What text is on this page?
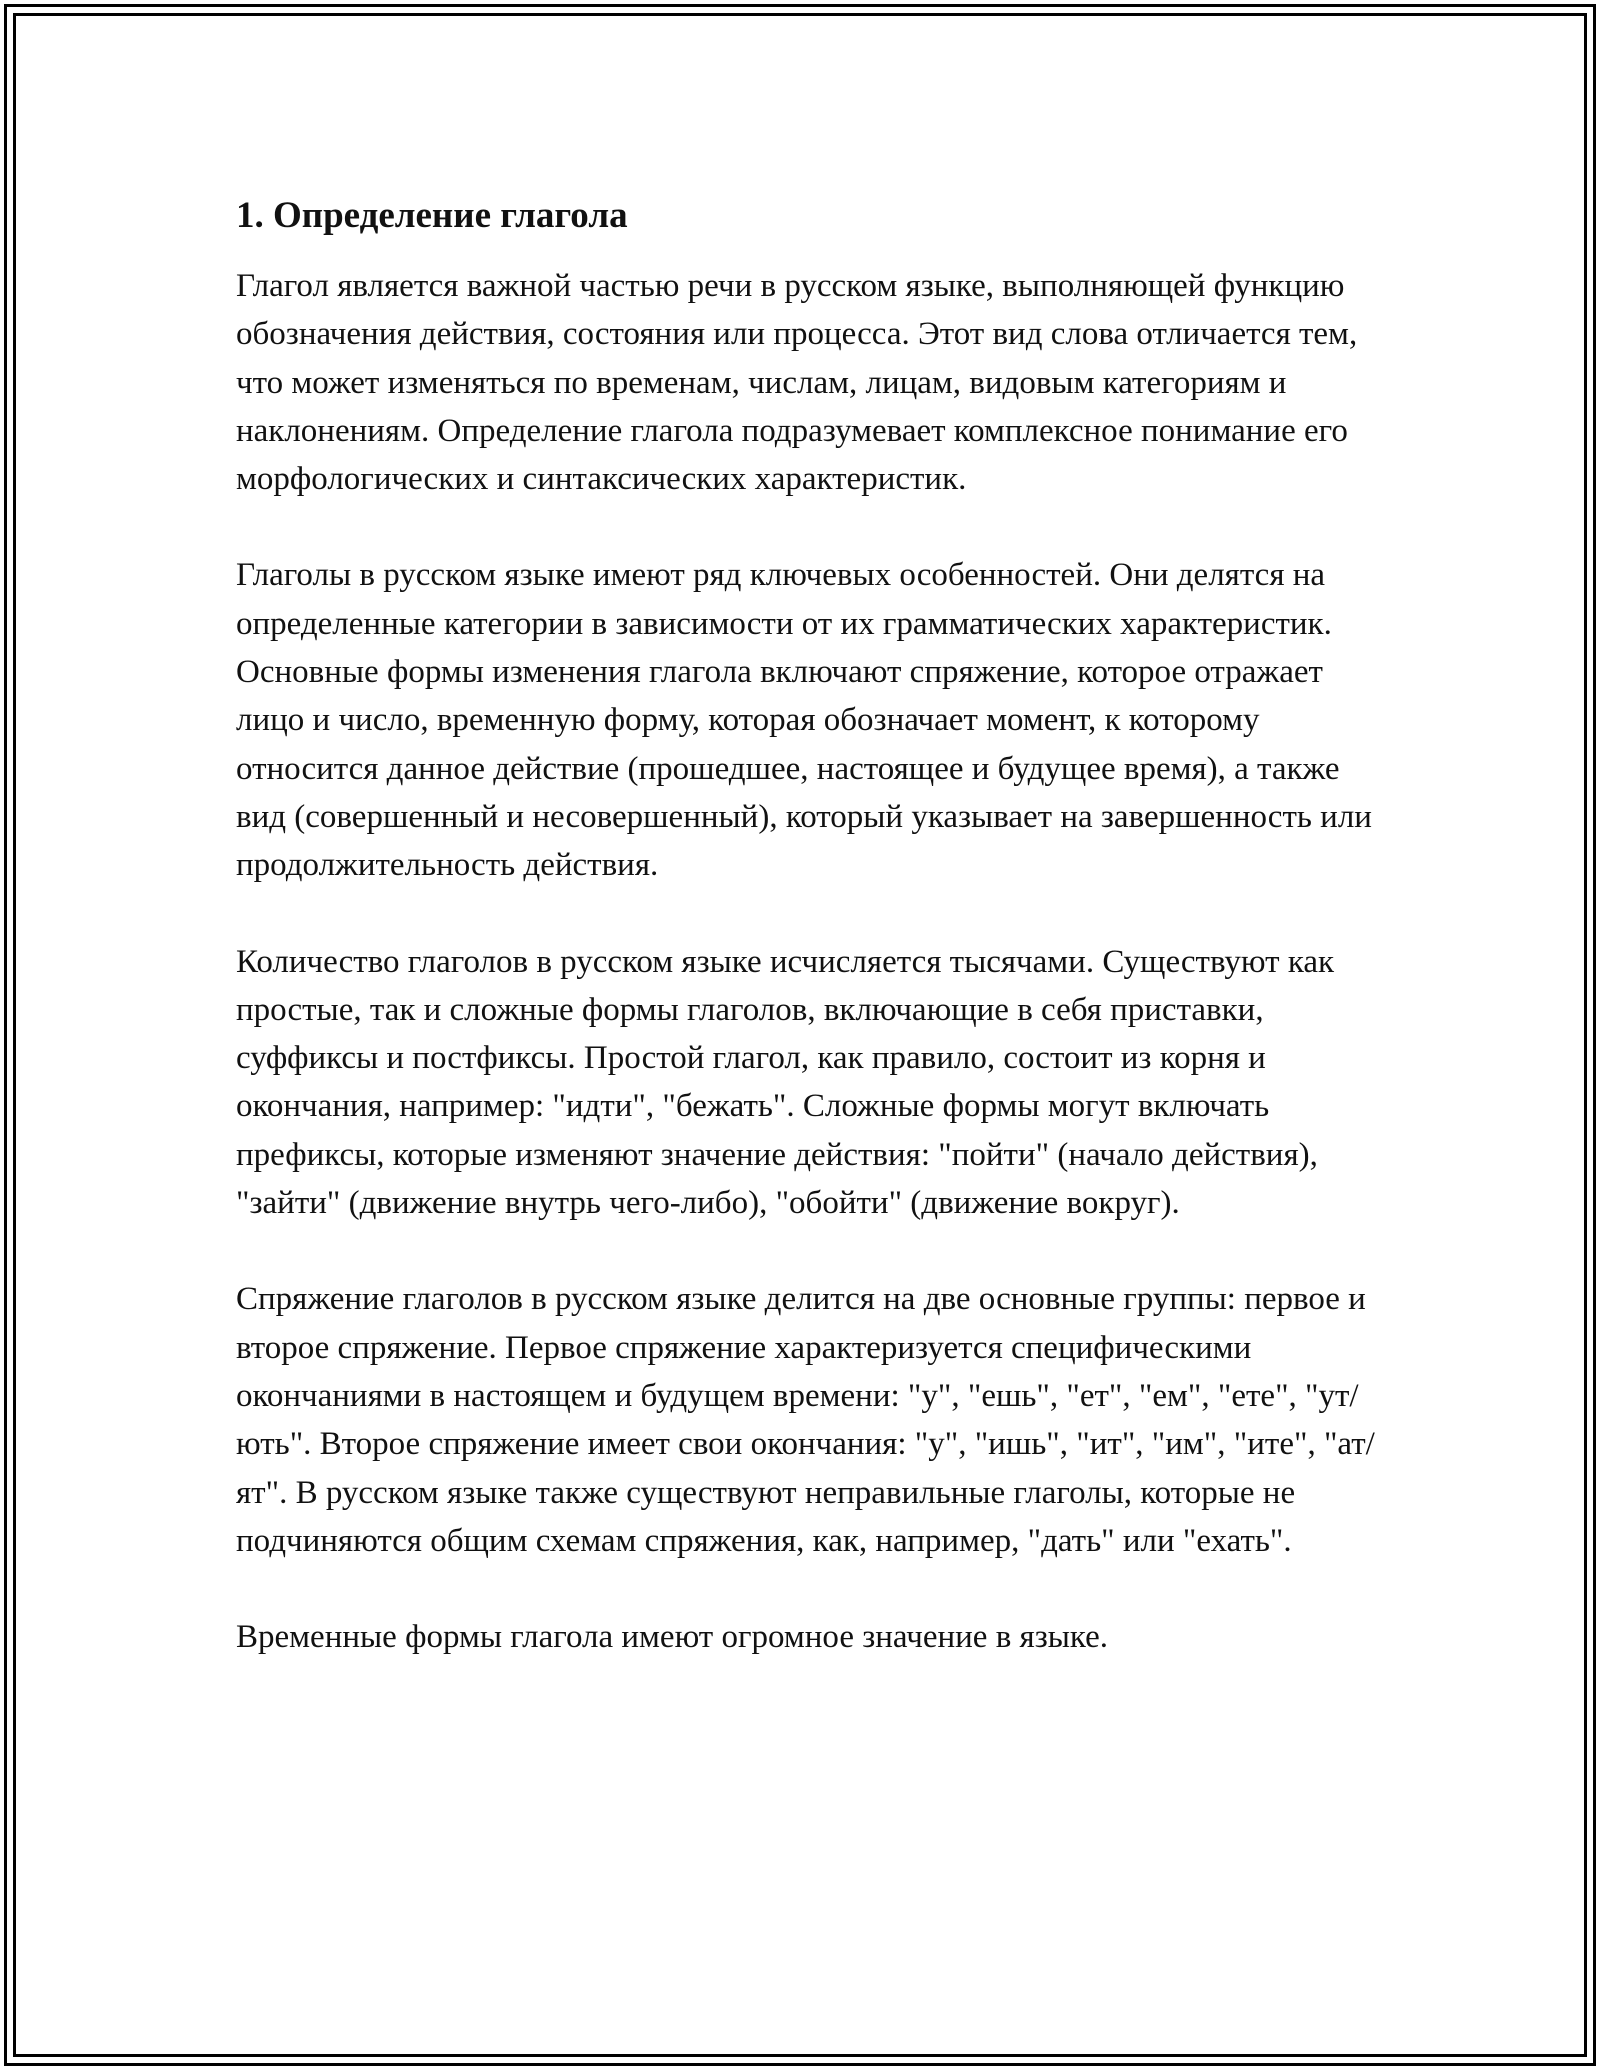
1. Определение глагола

Глагол является важной частью речи в русском языке, выполняющей функцию обозначения действия, состояния или процесса. Этот вид слова отличается тем, что может изменяться по временам, числам, лицам, видовым категориям и наклонениям. Определение глагола подразумевает комплексное понимание его морфологических и синтаксических характеристик.

Глаголы в русском языке имеют ряд ключевых особенностей. Они делятся на определенные категории в зависимости от их грамматических характеристик. Основные формы изменения глагола включают спряжение, которое отражает лицо и число, временную форму, которая обозначает момент, к которому относится данное действие (прошедшее, настоящее и будущее время), а также вид (совершенный и несовершенный), который указывает на завершенность или продолжительность действия.

Количество глаголов в русском языке исчисляется тысячами. Существуют как простые, так и сложные формы глаголов, включающие в себя приставки, суффиксы и постфиксы. Простой глагол, как правило, состоит из корня и окончания, например: "идти", "бежать". Сложные формы могут включать префиксы, которые изменяют значение действия: "пойти" (начало действия), "зайти" (движение внутрь чего-либо), "обойти" (движение вокруг).

Спряжение глаголов в русском языке делится на две основные группы: первое и второе спряжение. Первое спряжение характеризуется специфическими окончаниями в настоящем и будущем времени: "у", "ешь", "ет", "ем", "ете", "ут/ють". Второе спряжение имеет свои окончания: "у", "ишь", "ит", "им", "ите", "ат/ят". В русском языке также существуют неправильные глаголы, которые не подчиняются общим схемам спряжения, как, например, "дать" или "ехать".

Временные формы глагола имеют огромное значение в языке.
